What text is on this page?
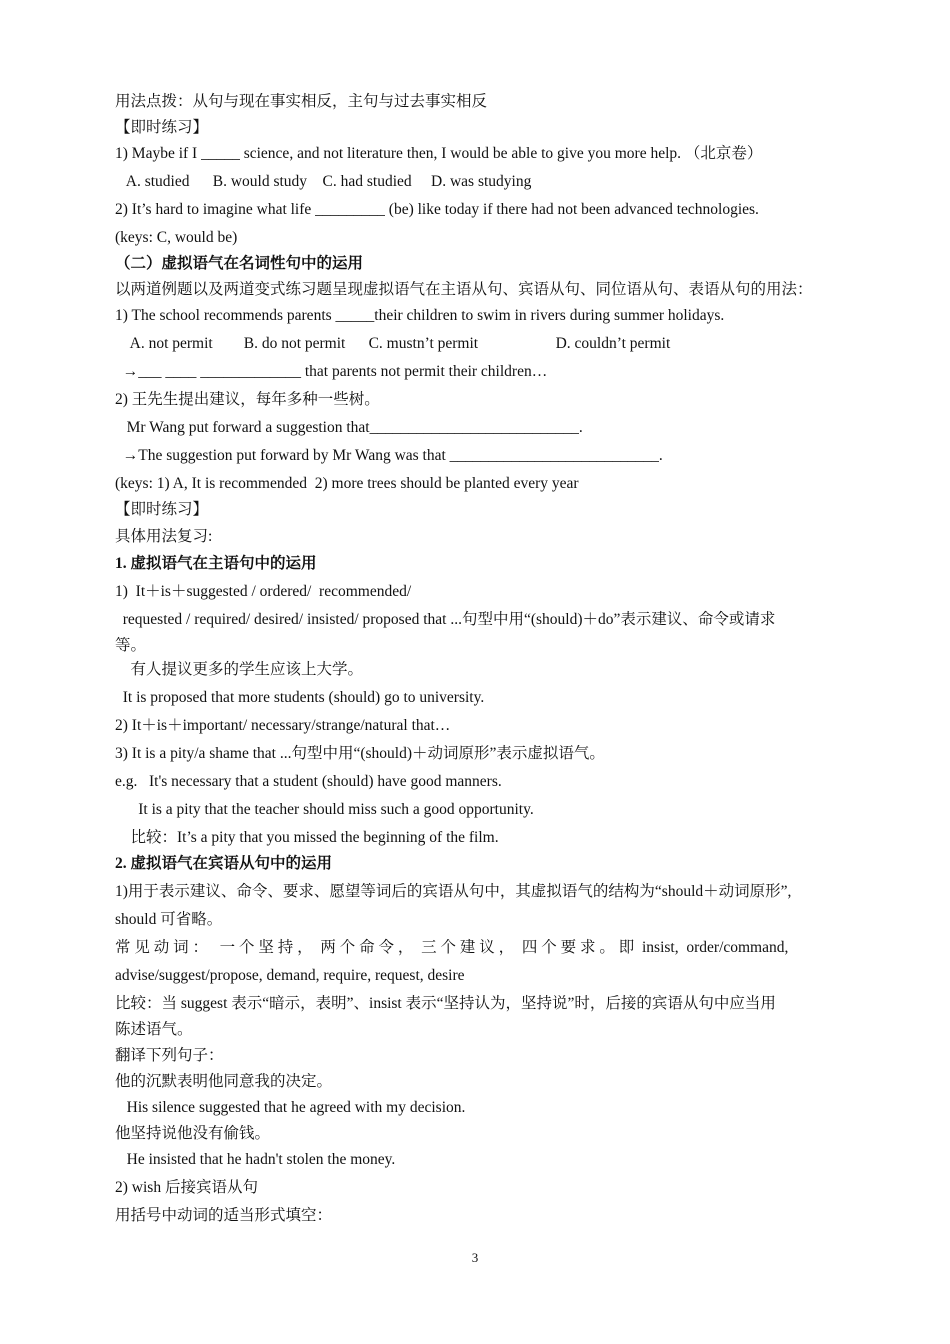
用法点拨：从句与现在事实相反，主句与过去事实相反
【即时练习】
1) Maybe if I _____ science, and not literature then, I would be able to give you more help. （北京卷）
A. studied      B. would study    C. had studied     D. was studying
2) It’s hard to imagine what life _________ (be) like today if there had not been advanced technologies.
(keys: C, would be)
（二）虚拟语气在名词性句中的运用
以两道例题以及两道变式练习题呈现虚拟语气在主语从句、宾语从句、同位语从句、表语从句的用法：
1) The school recommends parents _____their children to swim in rivers during summer holidays.
A. not permit        B. do not permit      C. mustn’t permit                    D. couldn’t permit
→___ ____ _____________ that parents not permit their children…
2) 王先生提出建议，每年多种一些树。
Mr Wang put forward a suggestion that___________________________.
→The suggestion put forward by Mr Wang was that ___________________________.
(keys: 1) A, It is recommended  2) more trees should be planted every year
【即时练习】
具体用法复习:
1. 虚拟语气在主语句中的运用
1)  It＋is＋suggested / ordered/  recommended/
requested / required/ desired/ insisted/ proposed that ...句型中用“(should)＋do”表示建议、命令或请求
等。
有人提议更多的学生应该上大学。
It is proposed that more students (should) go to university.
2) It＋is＋important/ necessary/strange/natural that…
3) It is a pity/a shame that ...句型中用“(should)＋动词原形”表示虚拟语气。
e.g.   It's necessary that a student (should) have good manners.
It is a pity that the teacher should miss such a good opportunity.
比较：It’s a pity that you missed the beginning of the film.
2. 虚拟语气在宾语从句中的运用
1)用于表示建议、命令、要求、愿望等词后的宾语从句中，其虚拟语气的结构为“should＋动词原形”,
should 可省略。
常 见 动 词 ：   一 个 坚 持 ，  两 个 命 令 ，  三 个 建 议 ，  四 个 要 求 。 即  insist,  order/command,
advise/suggest/propose, demand, require, request, desire
比较：当 suggest 表示“暗示，表明”、insist 表示“坚持认为，坚持说”时，后接的宾语从句中应当用
陈述语气。
翻译下列句子：
他的沉默表明他同意我的决定。
His silence suggested that he agreed with my decision.
他坚持说他没有偷钱。
He insisted that he hadn't stolen the money.
2) wish 后接宾语从句
用括号中动词的适当形式填空：
3
